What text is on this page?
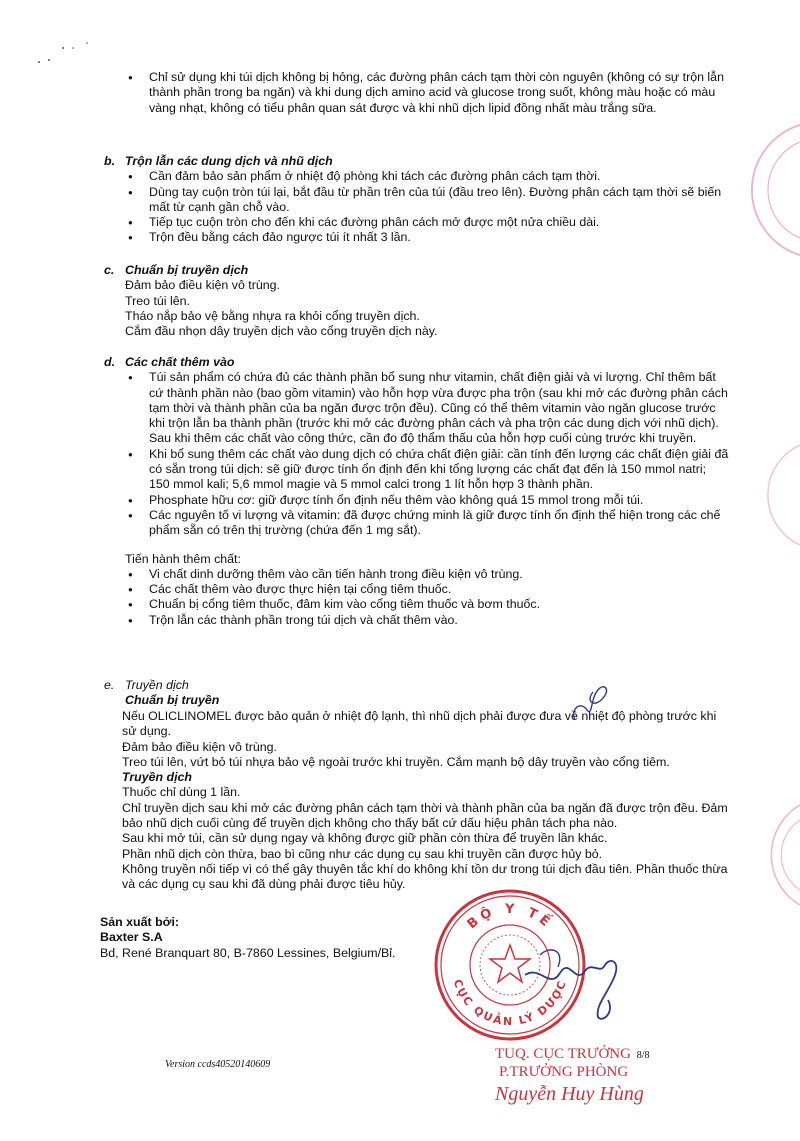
● Chỉ sử dụng khi túi dịch không bị hỏng, các đường phân cách tạm thời còn nguyên (không có sự trộn lẫn thành phần trong ba ngăn) và khi dung dịch amino acid và glucose trong suốt, không màu hoặc có màu vàng nhạt, không có tiểu phân quan sát được và khi nhũ dịch lipid đồng nhất màu trắng sữa.

b. Trộn lẫn các dung dịch và nhũ dịch

● Cần đảm bảo sản phẩm ở nhiệt độ phòng khi tách các đường phân cách tạm thời.
● Dùng tay cuộn tròn túi lại, bắt đầu từ phần trên của túi (đầu treo lên). Đường phân cách tạm thời sẽ biến mất từ cạnh gần chỗ vào.
● Tiếp tục cuộn tròn cho đến khi các đường phân cách mở được một nửa chiều dài.
● Trộn đều bằng cách đảo ngược túi ít nhất 3 lần.

c. Chuẩn bị truyền dịch

Đảm bảo điều kiện vô trùng.

Treo túi lên.

Tháo nắp bảo vệ bằng nhựa ra khỏi cổng truyền dịch.

Cắm đầu nhọn dây truyền dịch vào cổng truyền dịch này.

d. Các chất thêm vào

● Túi sản phẩm có chứa đủ các thành phần bổ sung như vitamin, chất điện giải và vi lượng. Chỉ thêm bất cứ thành phần nào (bao gồm vitamin) vào hỗn hợp vừa được pha trộn (sau khi mở các đường phân cách tạm thời và thành phần của ba ngăn được trộn đều). Cũng có thể thêm vitamin vào ngăn glucose trước khi trộn lẫn ba thành phần (trước khi mở các đường phân cách và pha trộn các dung dịch với nhũ dịch). Sau khi thêm các chất vào công thức, cần đo độ thẩm thấu của hỗn hợp cuối cùng trước khi truyền.
● Khi bổ sung thêm các chất vào dung dịch có chứa chất điện giải: cần tính đến lượng các chất điện giải đã có sẵn trong túi dịch: sẽ giữ được tính ổn định đến khi tổng lượng các chất đạt đến là 150 mmol natri; 150 mmol kali; 5,6 mmol magie và 5 mmol calci trong 1 lít hỗn hợp 3 thành phần.
● Phosphate hữu cơ: giữ được tính ổn định nếu thêm vào không quá 15 mmol trong mỗi túi.
● Các nguyên tố vi lượng và vitamin: đã được chứng minh là giữ được tính ổn định thể hiện trong các chế phẩm sẵn có trên thị trường (chứa đến 1 mg sắt).

Tiến hành thêm chất:

● Vi chất dinh dưỡng thêm vào cần tiến hành trong điều kiện vô trùng.
● Các chất thêm vào được thực hiện tại cổng tiêm thuốc.
● Chuẩn bị cổng tiêm thuốc, đâm kim vào cổng tiêm thuốc và bơm thuốc.
● Trộn lẫn các thành phần trong túi dịch và chất thêm vào.

e. Truyền dịch

Chuẩn bị truyền

Nếu OLICLINOMEL được bảo quản ở nhiệt độ lạnh, thì nhũ dịch phải được đưa về nhiệt độ phòng trước khi sử dụng.

Đảm bảo điều kiện vô trùng.

Treo túi lên, vứt bỏ túi nhựa bảo vệ ngoài trước khi truyền. Cắm mạnh bộ dây truyền vào cổng tiêm.

Truyền dịch

Thuốc chỉ dùng 1 lần.

Chỉ truyền dịch sau khi mở các đường phân cách tạm thời và thành phần của ba ngăn đã được trộn đều. Đảm bảo nhũ dịch cuối cùng để truyền dịch không cho thấy bất cứ dấu hiệu phân tách pha nào.

Sau khi mở túi, cần sử dụng ngay và không được giữ phần còn thừa để truyền lần khác.

Phần nhũ dịch còn thừa, bao bì cũng như các dụng cụ sau khi truyền cần được hủy bỏ.

Không truyền nối tiếp vì có thể gây thuyên tắc khí do không khí tồn dư trong túi dịch đầu tiên. Phần thuốc thừa và các dụng cụ sau khi đã dùng phải được tiêu hủy.

Sản xuất bởi:

Baxter S.A

Bd, René Branquart 80, B-7860 Lessines, Belgium/Bỉ.

BỘ Y TẾ
CỤC QUẢN LÝ DƯỢC

Version ccds40520140609

TUQ. CỤC TRƯỞNG 8/8

P.TRƯỞNG PHÒNG

Nguyễn Huy Hùng
